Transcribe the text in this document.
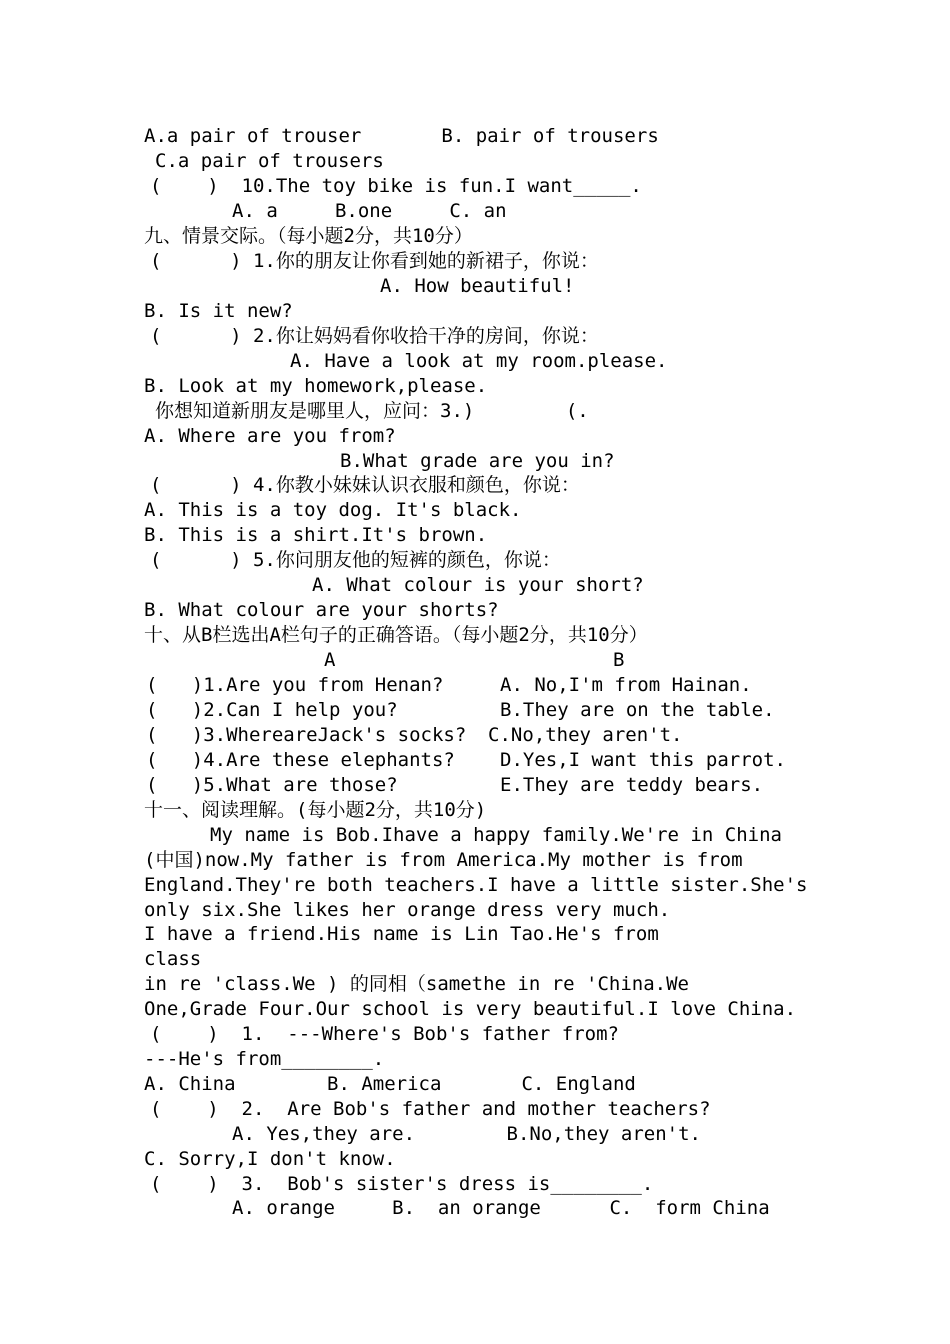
A.a pair of trouser       B. pair of trousers
C.a pair of trousers
(    )  10.The toy bike is fun.I want_____.
A. a     B.one     C. an
九、情景交际。（每小题2分，共10分）
(      ) 1.你的朋友让你看到她的新裙子，你说：
A. How beautiful!
B. Is it new?
(      ) 2.你让妈妈看你收拾干净的房间，你说：
A. Have a look at my room.please.
B. Look at my homework,please.
你想知道新朋友是哪里人，应问：3.)        (.
A. Where are you from?
B.What grade are you in?
(      ) 4.你教小妹妹认识衣服和颜色，你说：
A. This is a toy dog. It's black.
B. This is a shirt.It's brown.
(      ) 5.你问朋友他的短裤的颜色，你说：
A. What colour is your short?
B. What colour are your shorts?
十、从B栏选出A栏句子的正确答语。（每小题2分，共10分）
A	B
(   )1.Are you from Henan?	A. No,I'm from Hainan.
(   )2.Can I help you?	B.They are on the table.
(   )3.WhereareJack's socks? C.No,they aren't.
(   )4.Are these elephants? D.Yes,I want this parrot.
(   )5.What are those?	E.They are teddy bears.
十一、阅读理解。(每小题2分，共10分)
My name is Bob.Ihave a happy family.We're in China
(中国)now.My father is from America.My mother is from
England.They're both teachers.I have a little sister.She's
only six.She likes her orange dress very much.
I have a friend.His name is Lin Tao.He's from
class
in re 'class.We ) 的同相（samethe in re 'China.We
One,Grade Four.Our school is very beautiful.I love China.
(    )  1.  ---Where's Bob's father from?
---He's from________.
A. China        B. America       C. England
(    )  2.  Are Bob's father and mother teachers?
A. Yes,they are.        B.No,they aren't.
C. Sorry,I don't know.
(    )  3.  Bob's sister's dress is________.
A. orange     B.  an orange      C.  form China
